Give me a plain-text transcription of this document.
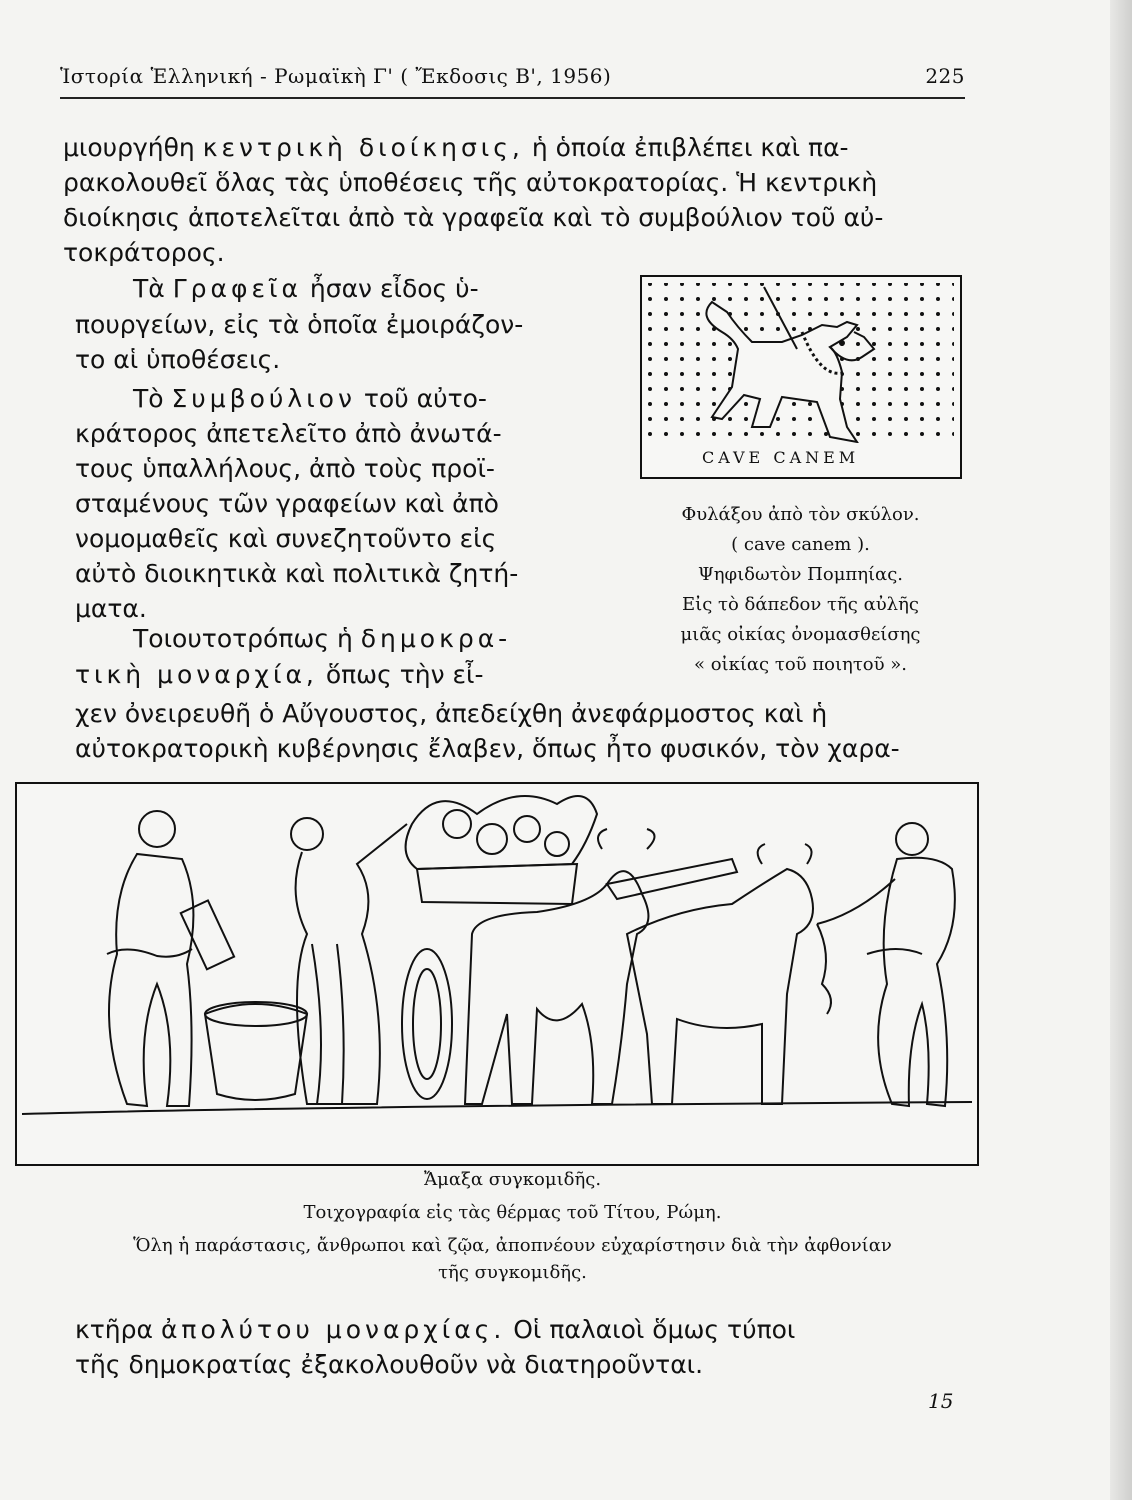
Ἱστορία Ἑλληνική - Ρωμαϊκὴ Γ' ( Ἔκδοσις Β', 1956)	225
μιουργήθη κεντρικὴ διοίκησις, ἡ ὁποία ἐπιβλέπει καὶ πα-
ρακολουθεῖ ὅλας τὰς ὑποθέσεις τῆς αὐτοκρατορίας. Ἡ κεντρικὴ
διοίκησις ἀποτελεῖται ἀπὸ τὰ γραφεῖα καὶ τὸ συμβούλιον τοῦ αὐ-
τοκράτορος.
Τὰ Γραφεῖα ἦσαν εἶδος ὑ-
πουργείων, εἰς τὰ ὁποῖα ἐμοιράζον-
το αἱ ὑποθέσεις.
Τὸ Συμβούλιον τοῦ αὐτο-
κράτορος ἀπετελεῖτο ἀπὸ ἀνωτά-
τους ὑπαλλήλους, ἀπὸ τοὺς προϊ-
σταμένους τῶν γραφείων καὶ ἀπὸ
νομομαθεῖς καὶ συνεζητοῦντο εἰς
αὐτὸ διοικητικὰ καὶ πολιτικὰ ζητή-
ματα.
Τοιουτοτρόπως ἡ δημοκρα-
τικὴ μοναρχία, ὅπως τὴν εἶ-
χεν ὀνειρευθῆ ὁ Αὔγουστος, ἀπεδείχθη ἀνεφάρμοστος καὶ ἡ
αὐτοκρατορικὴ κυβέρνησις ἔλαβεν, ὅπως ἦτο φυσικόν, τὸν χαρα-
CAVE CANEM
Φυλάξου ἀπὸ τὸν σκύλον.
( cave canem ).
Ψηφιδωτὸν Πομπηίας.
Εἰς τὸ δάπεδον τῆς αὐλῆς
μιᾶς οἰκίας ὀνομασθείσης
« οἰκίας τοῦ ποιητοῦ ».
Ἄμαξα συγκομιδῆς.
Τοιχογραφία εἰς τὰς θέρμας τοῦ Τίτου, Ρώμη.
Ὅλη ἡ παράστασις, ἄνθρωποι καὶ ζῷα, ἀποπνέουν εὐχαρίστησιν διὰ τὴν ἀφθονίαν
τῆς συγκομιδῆς.
κτῆρα ἀπολύτου μοναρχίας. Οἱ παλαιοὶ ὅμως τύποι
τῆς δημοκρατίας ἐξακολουθοῦν νὰ διατηροῦνται.
15
